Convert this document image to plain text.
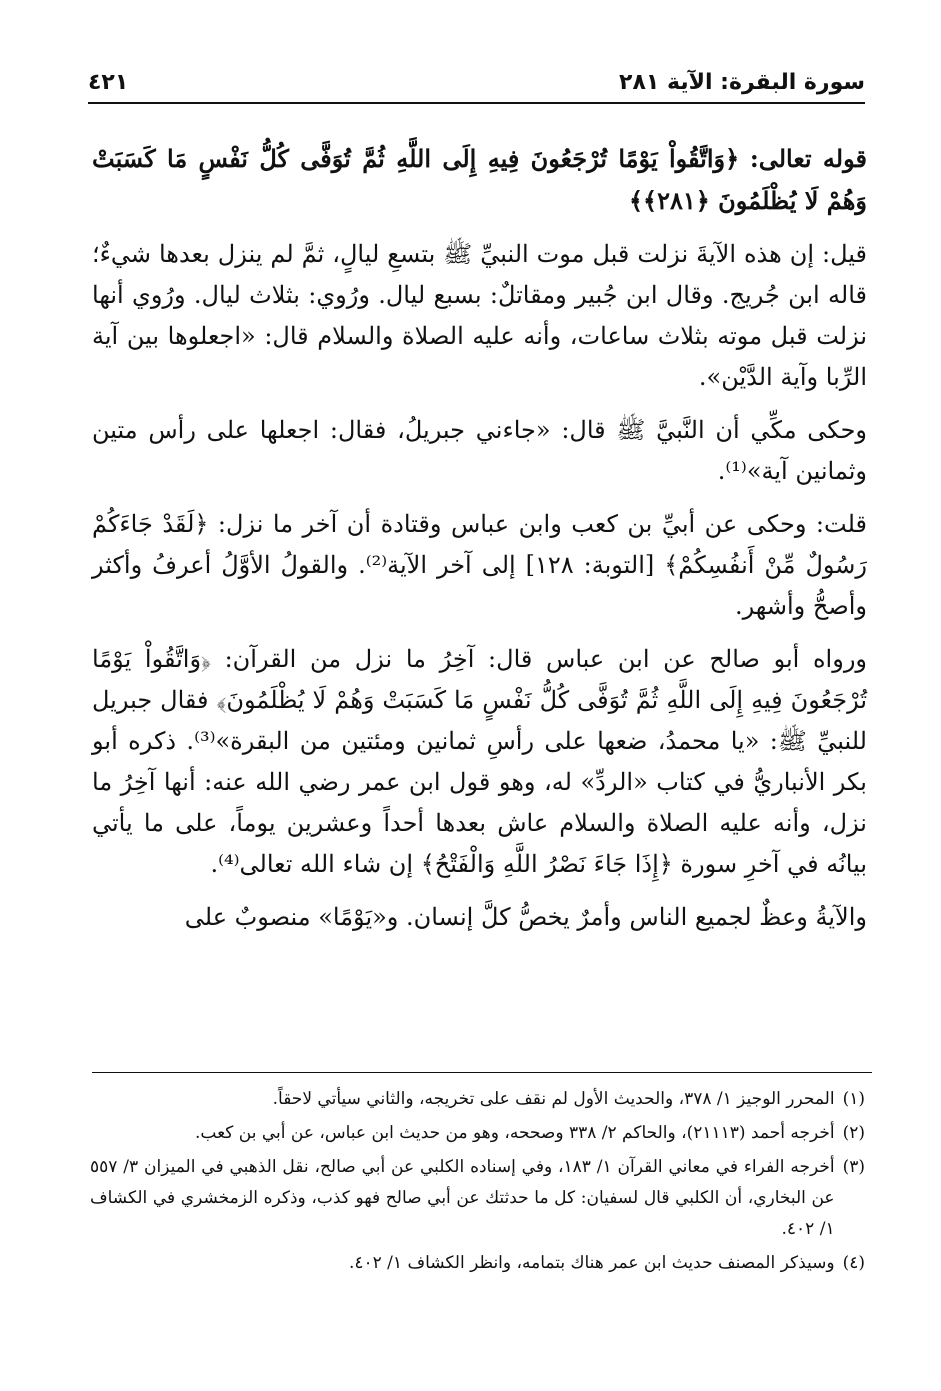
سورة البقرة: الآية ٢٨١
٤٢١

قوله تعالى: ﴿وَاتَّقُواْ يَوْمًا تُرْجَعُونَ فِيهِ إِلَى اللَّهِ ثُمَّ تُوَفَّى كُلُّ نَفْسٍ مَا كَسَبَتْ وَهُمْ لَا يُظْلَمُونَ ﴿٢٨١﴾﴾

قيل: إن هذه الآيةَ نزلت قبل موت النبيِّ ﷺ بتسعِ ليالٍ، ثمَّ لم ينزل بعدها شيءٌ؛ قاله ابن جُريج. وقال ابن جُبير ومقاتلٌ: بسبع ليال. ورُوي: بثلاث ليال. ورُوي أنها نزلت قبل موته بثلاث ساعات، وأنه عليه الصلاة والسلام قال: «اجعلوها بين آية الرِّبا وآية الدَّيْن».

وحكى مكِّي أن النَّبيَّ ﷺ قال: «جاءني جبريلُ، فقال: اجعلها على رأس متين وثمانين آية»⁽¹⁾.

قلت: وحكى عن أبيِّ بن كعب وابن عباس وقتادة أن آخر ما نزل: ﴿لَقَدْ جَاءَكُمْ رَسُولٌ مِّنْ أَنفُسِكُمْ﴾ [التوبة: ١٢٨] إلى آخر الآية⁽²⁾. والقولُ الأوَّلُ أعرفُ وأكثر وأصحُّ وأشهر.

ورواه أبو صالح عن ابن عباس قال: آخِرُ ما نزل من القرآن: ﴿وَاتَّقُواْ يَوْمًا تُرْجَعُونَ فِيهِ إِلَى اللَّهِ ثُمَّ تُوَفَّى كُلُّ نَفْسٍ مَا كَسَبَتْ وَهُمْ لَا يُظْلَمُونَ﴾ فقال جبريل للنبيِّ ﷺ: «يا محمدُ، ضعها على رأسِ ثمانين ومئتين من البقرة»⁽³⁾. ذكره أبو بكر الأنباريُّ في كتاب «الردِّ» له، وهو قول ابن عمر رضي الله عنه: أنها آخِرُ ما نزل، وأنه عليه الصلاة والسلام عاش بعدها أحداً وعشرين يوماً، على ما يأتي بيانُه في آخرِ سورة ﴿إِذَا جَاءَ نَصْرُ اللَّهِ وَالْفَتْحُ﴾ إن شاء الله تعالى⁽⁴⁾.

والآيةُ وعظٌ لجميع الناس وأمرٌ يخصُّ كلَّ إنسان. و«يَوْمًا» منصوبٌ على

(١)
المحرر الوجيز ١/ ٣٧٨، والحديث الأول لم نقف على تخريجه، والثاني سيأتي لاحقاً.
(٢)
أخرجه أحمد (٢١١١٣)، والحاكم ٢/ ٣٣٨ وصححه، وهو من حديث ابن عباس، عن أبي بن كعب.
(٣)
أخرجه الفراء في معاني القرآن ١/ ١٨٣، وفي إسناده الكلبي عن أبي صالح، نقل الذهبي في الميزان ٣/ ٥٥٧ عن البخاري، أن الكلبي قال لسفيان: كل ما حدثتك عن أبي صالح فهو كذب، وذكره الزمخشري في الكشاف ١/ ٤٠٢.
(٤)
وسيذكر المصنف حديث ابن عمر هناك بتمامه، وانظر الكشاف ١/ ٤٠٢.
